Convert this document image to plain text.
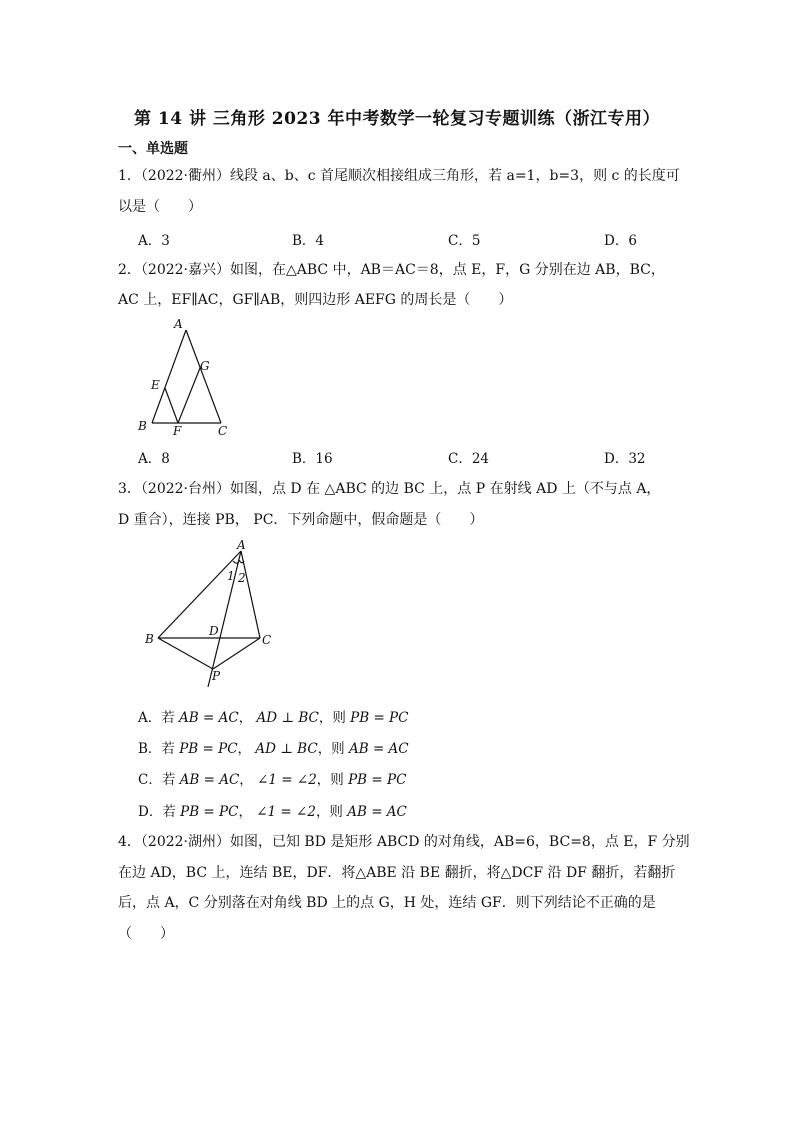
第 14 讲 三角形 2023 年中考数学一轮复习专题训练（浙江专用）
一、单选题
1．（2022·衢州）线段 a、b、c 首尾顺次相接组成三角形，若 a=1，b=3，则 c 的长度可
以是（　　）
A．3	B．4	C．5	D．6
2．（2022·嘉兴）如图，在△ABC 中，AB＝AC＝8，点 E，F，G 分别在边 AB，BC，
AC 上，EF∥AC，GF∥AB，则四边形 AEFG 的周长是（　　）
A
E
G
B F	C
A．8	B．16	C．24	D．32
3．（2022·台州）如图，点 D 在 △ABC 的边 BC 上，点 P 在射线 AD 上（不与点 A，
D 重合），连接 PB， PC．下列命题中，假命题是（　　）
A
1 2
B
D
C
P
A．若 AB = AC， AD ⊥ BC，则 PB = PC
B．若 PB = PC， AD ⊥ BC，则 AB = AC
C．若 AB = AC， ∠1 = ∠2，则 PB = PC
D．若 PB = PC， ∠1 = ∠2，则 AB = AC
4．（2022·湖州）如图，已知 BD 是矩形 ABCD 的对角线，AB=6，BC=8，点 E，F 分别
在边 AD，BC 上，连结 BE，DF．将△ABE 沿 BE 翻折，将△DCF 沿 DF 翻折，若翻折
后，点 A，C 分别落在对角线 BD 上的点 G，H 处，连结 GF．则下列结论不正确的是
（　　）
